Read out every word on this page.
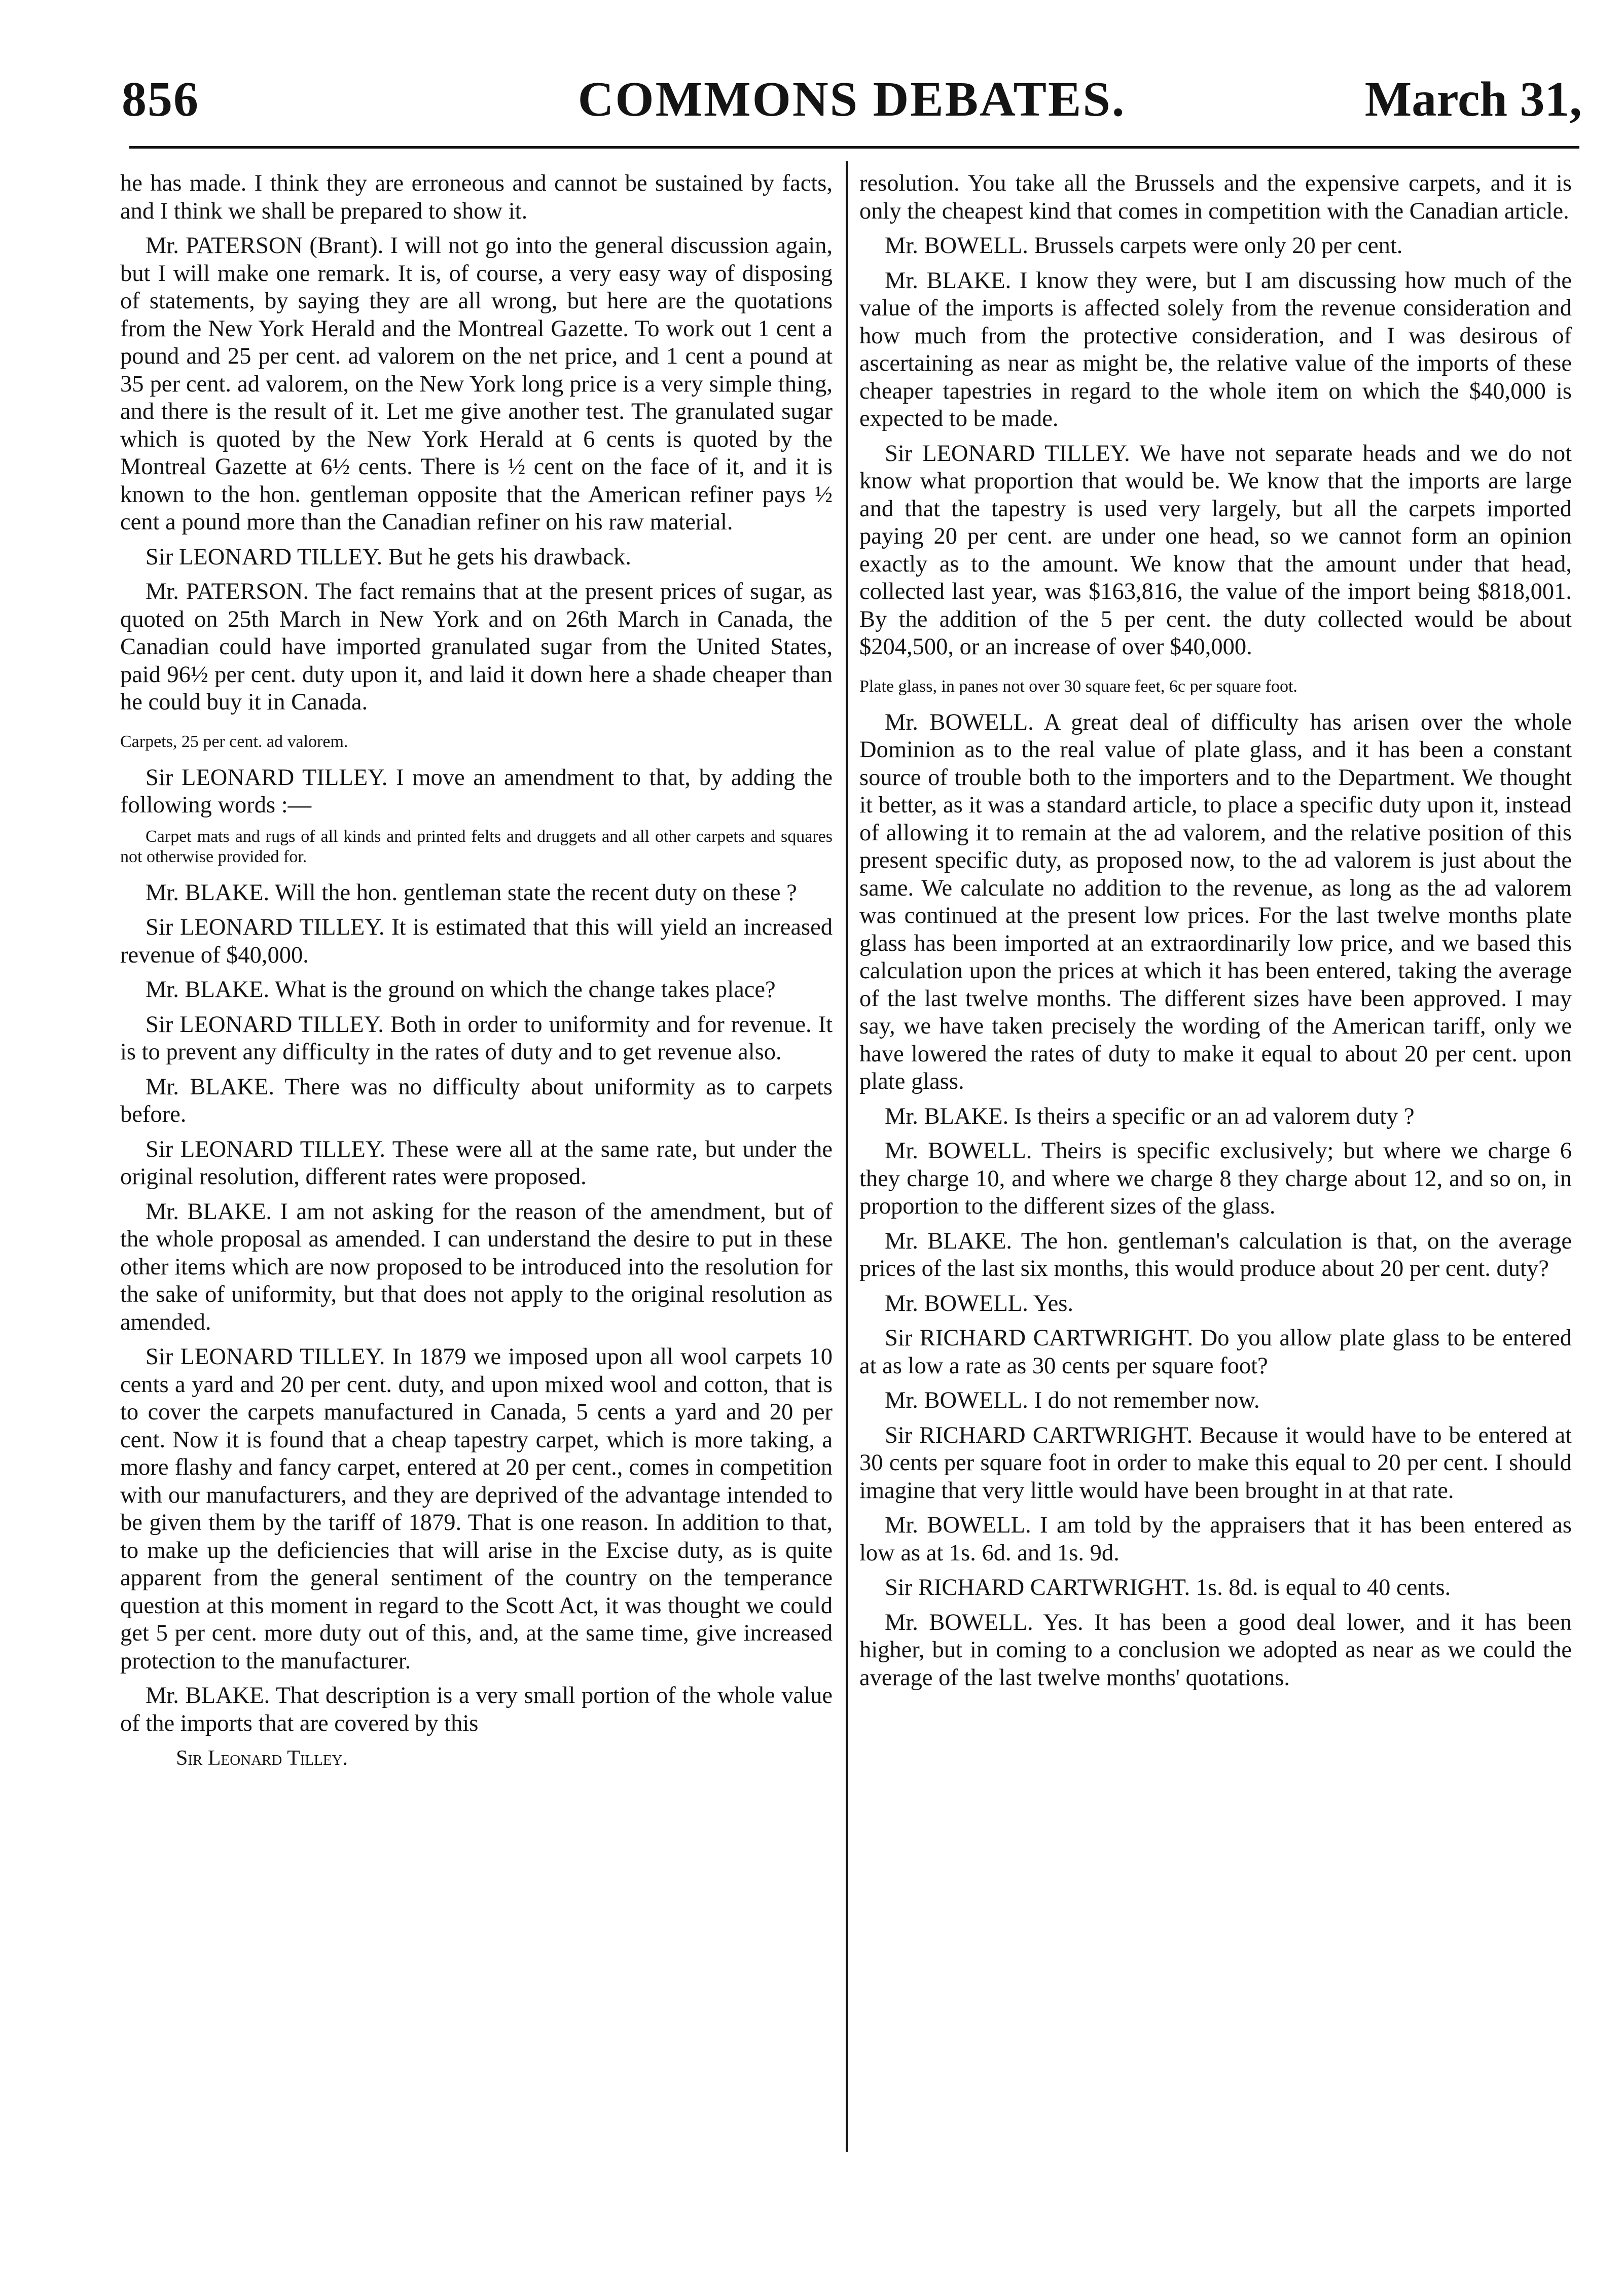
COMMONS DEBATES.
856	March 31,

he has made. I think they are erroneous and cannot be sustained by facts, and I think we shall be prepared to show it.

Mr. PATERSON (Brant). I will not go into the general discussion again, but I will make one remark. It is, of course, a very easy way of disposing of statements, by saying they are all wrong, but here are the quotations from the New York Herald and the Montreal Gazette. To work out 1 cent a pound and 25 per cent. ad valorem on the net price, and 1 cent a pound at 35 per cent. ad valorem, on the New York long price is a very simple thing, and there is the result of it. Let me give another test. The granulated sugar which is quoted by the New York Herald at 6 cents is quoted by the Montreal Gazette at 6½ cents. There is ½ cent on the face of it, and it is known to the hon. gentleman opposite that the American refiner pays ½ cent a pound more than the Canadian refiner on his raw material.

Sir LEONARD TILLEY. But he gets his drawback.

Mr. PATERSON. The fact remains that at the present prices of sugar, as quoted on 25th March in New York and on 26th March in Canada, the Canadian could have imported granulated sugar from the United States, paid 96½ per cent. duty upon it, and laid it down here a shade cheaper than he could buy it in Canada.

Carpets, 25 per cent. ad valorem.

Sir LEONARD TILLEY. I move an amendment to that, by adding the following words :—

Carpet mats and rugs of all kinds and printed felts and druggets and all other carpets and squares not otherwise provided for.

Mr. BLAKE. Will the hon. gentleman state the recent duty on these ?

Sir LEONARD TILLEY. It is estimated that this will yield an increased revenue of $40,000.

Mr. BLAKE. What is the ground on which the change takes place?

Sir LEONARD TILLEY. Both in order to uniformity and for revenue. It is to prevent any difficulty in the rates of duty and to get revenue also.

Mr. BLAKE. There was no difficulty about uniformity as to carpets before.

Sir LEONARD TILLEY. These were all at the same rate, but under the original resolution, different rates were proposed.

Mr. BLAKE. I am not asking for the reason of the amendment, but of the whole proposal as amended. I can understand the desire to put in these other items which are now proposed to be introduced into the resolution for the sake of uniformity, but that does not apply to the original resolution as amended.

Sir LEONARD TILLEY. In 1879 we imposed upon all wool carpets 10 cents a yard and 20 per cent. duty, and upon mixed wool and cotton, that is to cover the carpets manufactured in Canada, 5 cents a yard and 20 per cent. Now it is found that a cheap tapestry carpet, which is more taking, a more flashy and fancy carpet, entered at 20 per cent., comes in competition with our manufacturers, and they are deprived of the advantage intended to be given them by the tariff of 1879. That is one reason. In addition to that, to make up the deficiencies that will arise in the Excise duty, as is quite apparent from the general sentiment of the country on the temperance question at this moment in regard to the Scott Act, it was thought we could get 5 per cent. more duty out of this, and, at the same time, give increased protection to the manufacturer.

Mr. BLAKE. That description is a very small portion of the whole value of the imports that are covered by this

Sir Leonard Tilley.

resolution. You take all the Brussels and the expensive carpets, and it is only the cheapest kind that comes in competition with the Canadian article.

Mr. BOWELL. Brussels carpets were only 20 per cent.

Mr. BLAKE. I know they were, but I am discussing how much of the value of the imports is affected solely from the revenue consideration and how much from the protective consideration, and I was desirous of ascertaining as near as might be, the relative value of the imports of these cheaper tapestries in regard to the whole item on which the $40,000 is expected to be made.

Sir LEONARD TILLEY. We have not separate heads and we do not know what proportion that would be. We know that the imports are large and that the tapestry is used very largely, but all the carpets imported paying 20 per cent. are under one head, so we cannot form an opinion exactly as to the amount. We know that the amount under that head, collected last year, was $163,816, the value of the import being $818,001. By the addition of the 5 per cent. the duty collected would be about $204,500, or an increase of over $40,000.

Plate glass, in panes not over 30 square feet, 6c per square foot.

Mr. BOWELL. A great deal of difficulty has arisen over the whole Dominion as to the real value of plate glass, and it has been a constant source of trouble both to the importers and to the Department. We thought it better, as it was a standard article, to place a specific duty upon it, instead of allowing it to remain at the ad valorem, and the relative position of this present specific duty, as proposed now, to the ad valorem is just about the same. We calculate no addition to the revenue, as long as the ad valorem was continued at the present low prices. For the last twelve months plate glass has been imported at an extraordinarily low price, and we based this calculation upon the prices at which it has been entered, taking the average of the last twelve months. The different sizes have been approved. I may say, we have taken precisely the wording of the American tariff, only we have lowered the rates of duty to make it equal to about 20 per cent. upon plate glass.

Mr. BLAKE. Is theirs a specific or an ad valorem duty ?

Mr. BOWELL. Theirs is specific exclusively; but where we charge 6 they charge 10, and where we charge 8 they charge about 12, and so on, in proportion to the different sizes of the glass.

Mr. BLAKE. The hon. gentleman's calculation is that, on the average prices of the last six months, this would produce about 20 per cent. duty?

Mr. BOWELL. Yes.

Sir RICHARD CARTWRIGHT. Do you allow plate glass to be entered at as low a rate as 30 cents per square foot?

Mr. BOWELL. I do not remember now.

Sir RICHARD CARTWRIGHT. Because it would have to be entered at 30 cents per square foot in order to make this equal to 20 per cent. I should imagine that very little would have been brought in at that rate.

Mr. BOWELL. I am told by the appraisers that it has been entered as low as at 1s. 6d. and 1s. 9d.

Sir RICHARD CARTWRIGHT. 1s. 8d. is equal to 40 cents.

Mr. BOWELL. Yes. It has been a good deal lower, and it has been higher, but in coming to a conclusion we adopted as near as we could the average of the last twelve months' quotations.
